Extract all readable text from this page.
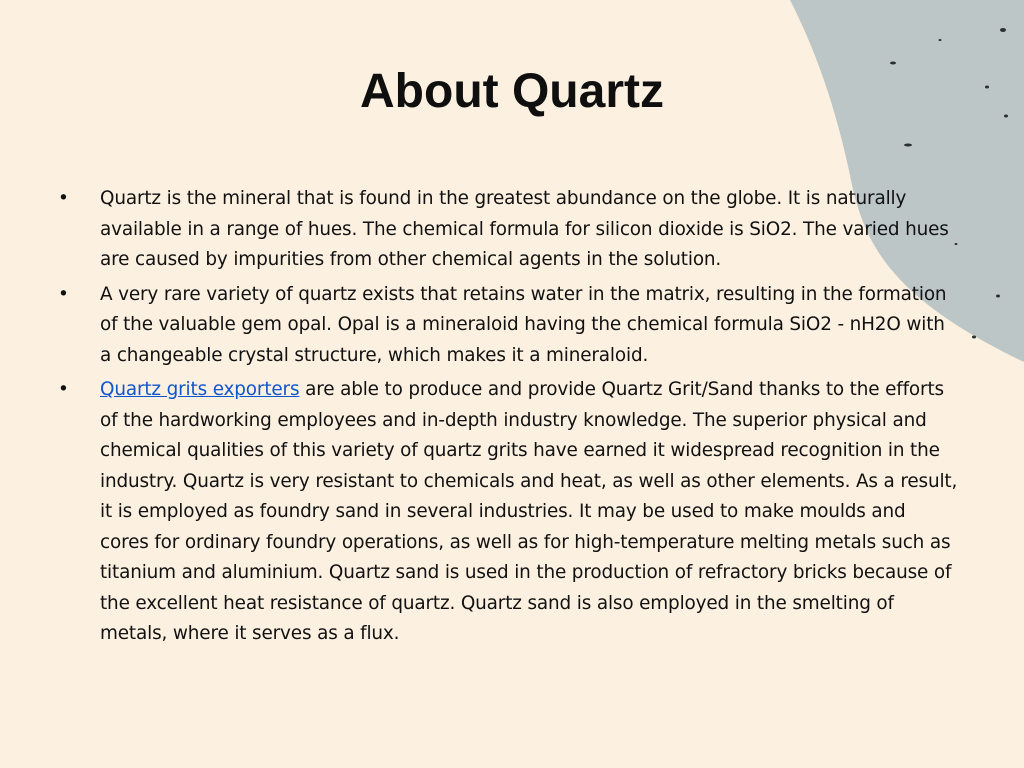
About Quartz
•	Quartz is the mineral that is found in the greatest abundance on the globe. It is naturally available in a range of hues. The chemical formula for silicon dioxide is SiO2. The varied hues are caused by impurities from other chemical agents in the solution.
•	A very rare variety of quartz exists that retains water in the matrix, resulting in the formation of the valuable gem opal. Opal is a mineraloid having the chemical formula SiO2 - nH2O with a changeable crystal structure, which makes it a mineraloid.
•	Quartz grits exporters are able to produce and provide Quartz Grit/Sand thanks to the efforts of the hardworking employees and in-depth industry knowledge. The superior physical and chemical qualities of this variety of quartz grits have earned it widespread recognition in the industry. Quartz is very resistant to chemicals and heat, as well as other elements. As a result, it is employed as foundry sand in several industries. It may be used to make moulds and cores for ordinary foundry operations, as well as for high-temperature melting metals such as titanium and aluminium. Quartz sand is used in the production of refractory bricks because of the excellent heat resistance of quartz. Quartz sand is also employed in the smelting of metals, where it serves as a flux.
